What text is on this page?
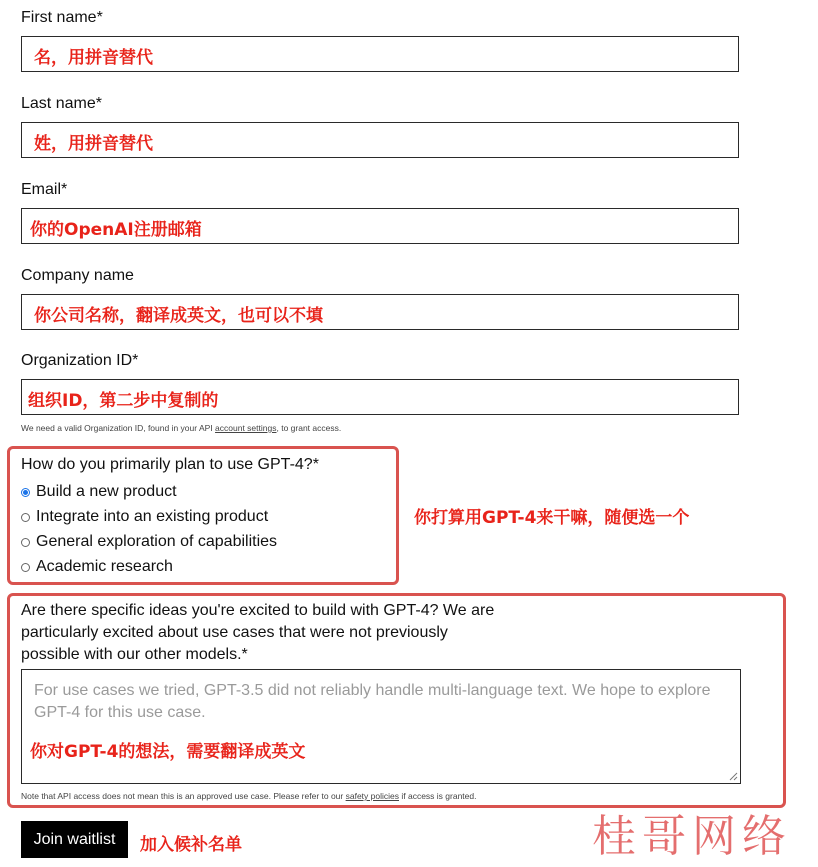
First name*
名，用拼音替代
Last name*
姓，用拼音替代
Email*
你的OpenAI注册邮箱
Company name
你公司名称，翻译成英文，也可以不填
Organization ID*
组织ID，第二步中复制的
We need a valid Organization ID, found in your API account settings, to grant access.
How do you primarily plan to use GPT-4?*
Build a new product
Integrate into an existing product
General exploration of capabilities
Academic research
你打算用GPT-4来干嘛，随便选一个
Are there specific ideas you're excited to build with GPT-4? We are
particularly excited about use cases that were not previously
possible with our other models.*
For use cases we tried, GPT-3.5 did not reliably handle multi-language text. We hope to explore GPT-4 for this use case.
你对GPT-4的想法，需要翻译成英文
Note that API access does not mean this is an approved use case. Please refer to our safety policies if access is granted.
Join waitlist	加入候补名单	桂哥网络
